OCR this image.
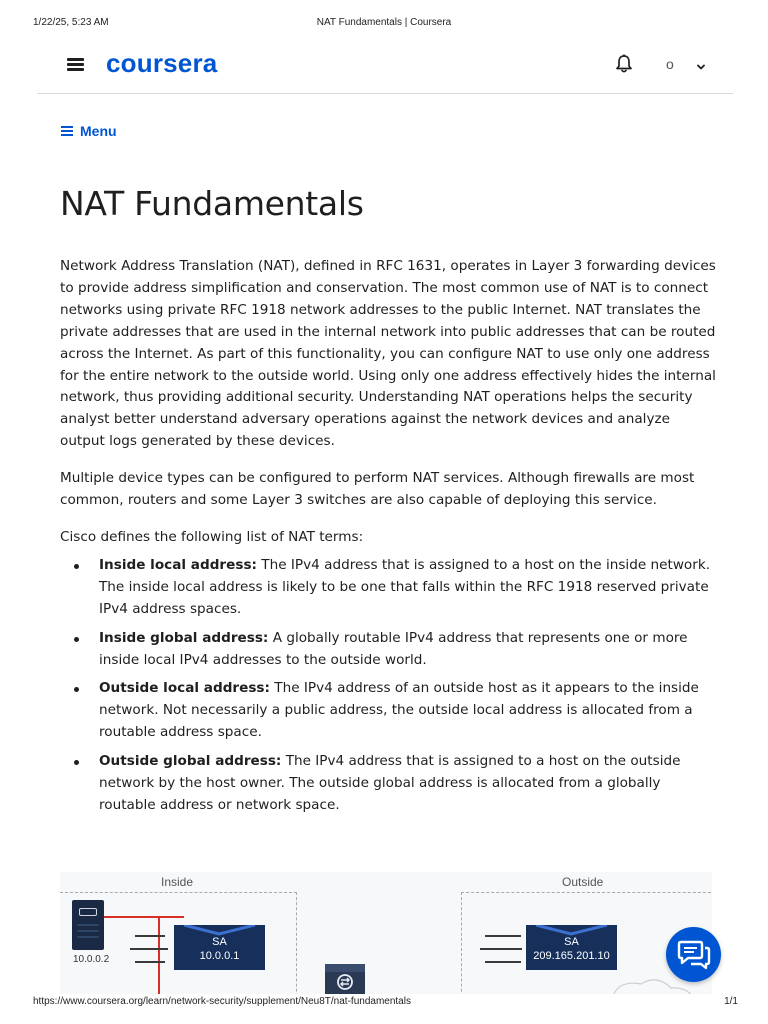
1/22/25, 5:23 AM	NAT Fundamentals | Coursera
coursera	o
Menu
NAT Fundamentals

Network Address Translation (NAT), defined in RFC 1631, operates in Layer 3 forwarding devices to provide address simplification and conservation. The most common use of NAT is to connect networks using private RFC 1918 network addresses to the public Internet. NAT translates the private addresses that are used in the internal network into public addresses that can be routed across the Internet. As part of this functionality, you can configure NAT to use only one address for the entire network to the outside world. Using only one address effectively hides the internal network, thus providing additional security. Understanding NAT operations helps the security analyst better understand adversary operations against the network devices and analyze output logs generated by these devices.

Multiple device types can be configured to perform NAT services. Although firewalls are most common, routers and some Layer 3 switches are also capable of deploying this service.

Cisco defines the following list of NAT terms:

Inside local address: The IPv4 address that is assigned to a host on the inside network. The inside local address is likely to be one that falls within the RFC 1918 reserved private IPv4 address spaces.
Inside global address: A globally routable IPv4 address that represents one or more inside local IPv4 addresses to the outside world.
Outside local address: The IPv4 address of an outside host as it appears to the inside network. Not necessarily a public address, the outside local address is allocated from a routable address space.
Outside global address: The IPv4 address that is assigned to a host on the outside network by the host owner. The outside global address is allocated from a globally routable address or network space.
Inside	Outside
10.0.0.2
SA
10.0.0.1
SA
209.165.201.10
https://www.coursera.org/learn/network-security/supplement/Neu8T/nat-fundamentals	1/1
